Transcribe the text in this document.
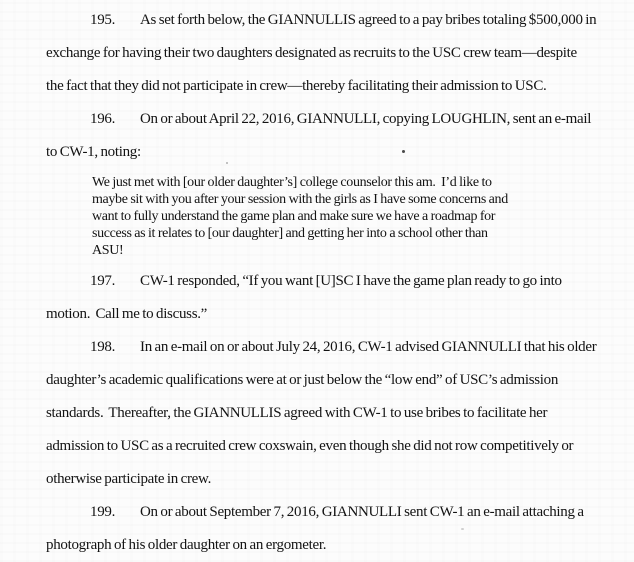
195. As set forth below, the GIANNULLIS agreed to a pay bribes totaling $500,000 in
exchange for having their two daughters designated as recruits to the USC crew team—despite
the fact that they did not participate in crew—thereby facilitating their admission to USC.
196. On or about April 22, 2016, GIANNULLI, copying LOUGHLIN, sent an e-mail
to CW-1, noting:
We just met with [our older daughter’s] college counselor this am.  I’d like to
maybe sit with you after your session with the girls as I have some concerns and
want to fully understand the game plan and make sure we have a roadmap for
success as it relates to [our daughter] and getting her into a school other than
ASU!
197. CW-1 responded, “If you want [U]SC I have the game plan ready to go into
motion.  Call me to discuss.”
198. In an e-mail on or about July 24, 2016, CW-1 advised GIANNULLI that his older
daughter’s academic qualifications were at or just below the “low end” of USC’s admission
standards.  Thereafter, the GIANNULLIS agreed with CW-1 to use bribes to facilitate her
admission to USC as a recruited crew coxswain, even though she did not row competitively or
otherwise participate in crew.
199. On or about September 7, 2016, GIANNULLI sent CW-1 an e-mail attaching a
photograph of his older daughter on an ergometer.
